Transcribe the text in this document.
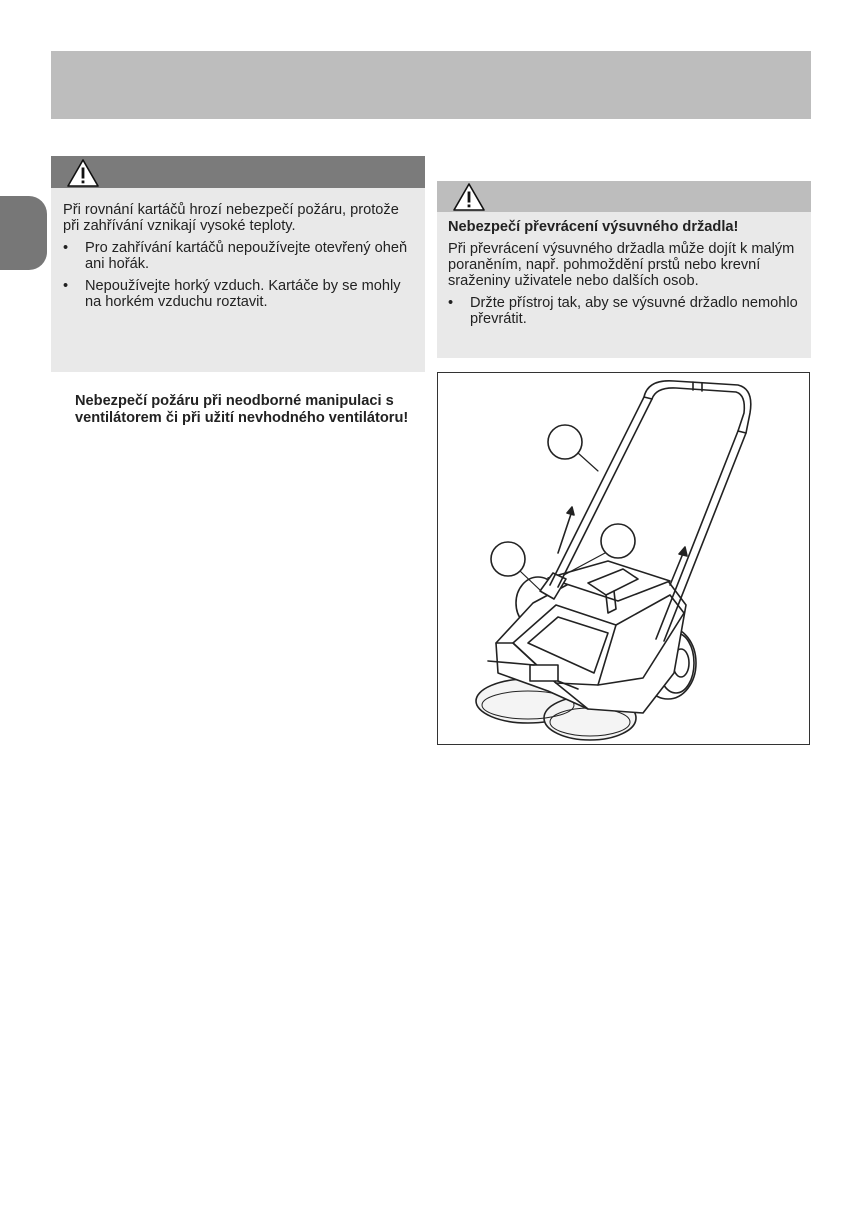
Nebezpečí požáru při neodborné manipulaci s ventilátorem či při užití nevhodného ventilátoru!
Při rovnání kartáčů hrozí nebezpečí požáru, protože při zahřívání vznikají vysoké teploty.
• Pro zahřívání kartáčů nepoužívejte otevřený oheň ani hořák.
• Nepoužívejte horký vzduch. Kartáče by se mohly na horkém vzduchu roztavit.
Nebezpečí převrácení výsuvného držadla!
Při převrácení výsuvného držadla může dojít k malým poraněním, např. pohmoždění prstů nebo krevní sraženiny uživatele nebo dalších osob.
• Držte přístroj tak, aby se výsuvné držadlo nemohlo převrátit.
